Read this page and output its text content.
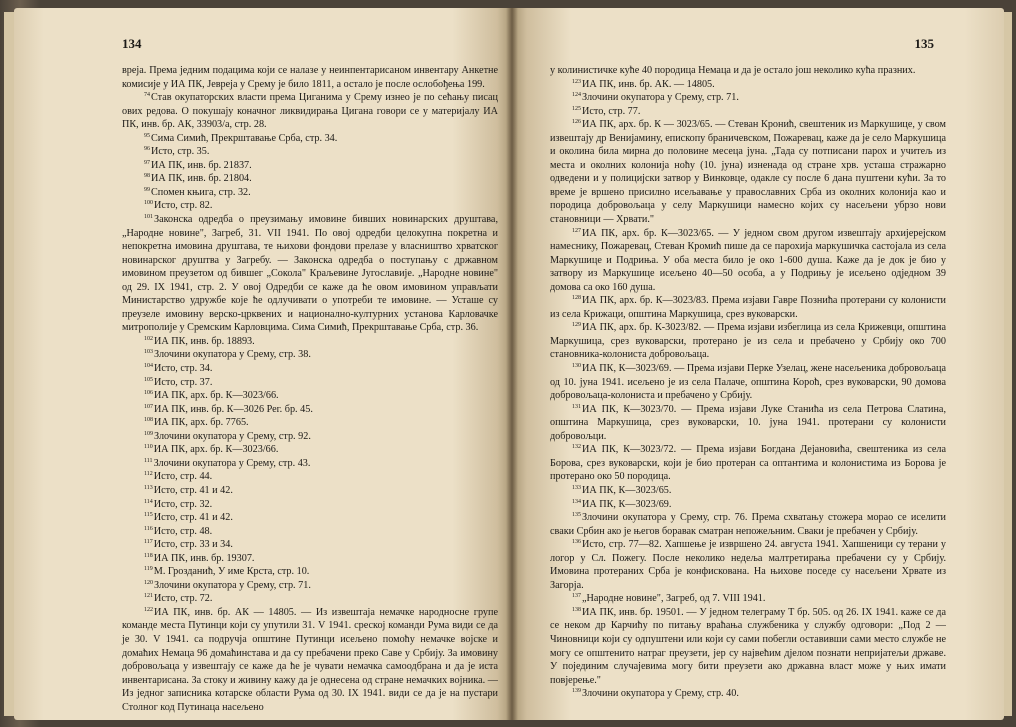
134

вреја. Према једним подацима који се налазе у неинпентарисаном инвентару Анкетне комисије у ИА ПК, Јевреја у Срему је било 1811, а остало је после ослобођења 199.

$^{74}$Став окупаторских власти према Циганима у Срему изнео је по сећању писац ових редова. О покушају коначног ликвидирања Цигана говори се у материјалу ИА ПК, инв. бр. АК, 33903/а, стр. 28.

$^{95}$Сима Симић, Прекрштавање Срба, стр. 34.

$^{96}$Исто, стр. 35.

$^{97}$ИА ПК, инв. бр. 21837.

$^{98}$ИА ПК, инв. бр. 21804.

$^{99}$Спомен књига, стр. 32.

$^{100}$Исто, стр. 82.

$^{101}$Законска одредба о преузимању имовине бивших новинарских друштава, „Народне новине", Загреб, 31. VII 1941. По овој одредби целокупна покретна и непокретна имовина друштава, те њихови фондови прелазе у власништво хрватског новинарског друштва у Загребу. — Законска одредба о поступању с државном имовином преузетом од бившег „Сокола" Краљевине Југославије. „Народне новине" од 29. IX 1941, стр. 2. У овој Одредби се каже да ће овом имовином управљати Министарство удружбе које ће одлучивати о употреби те имовине. — Усташе су преузеле имовину верско-црквених и национално-културних установа Карловачке митрополије у Сремским Карловцима. Сима Симић, Прекрштавање Срба, стр. 36.

$^{102}$ИА ПК, инв. бр. 18893.

$^{103}$Злочини окупатора у Срему, стр. 38.

$^{104}$Исто, стр. 34.

$^{105}$Исто, стр. 37.

$^{106}$ИА ПК, арх. бр. К—3023/66.

$^{107}$ИА ПК, инв. бр. К—3026 Рег. бр. 45.

$^{108}$ИА ПК, арх. бр. 7765.

$^{109}$Злочини окупатора у Срему, стр. 92.

$^{110}$ИА ПК, арх. бр. К—3023/66.

$^{111}$Злочини окупатора у Срему, стр. 43.

$^{112}$Исто, стр. 44.

$^{113}$Исто, стр. 41 и 42.

$^{114}$Исто, стр. 32.

$^{115}$Исто, стр. 41 и 42.

$^{116}$Исто, стр. 48.

$^{117}$Исто, стр. 33 и 34.

$^{118}$ИА ПК, инв. бр. 19307.

$^{119}$М. Грозданић, У име Крста, стр. 10.

$^{120}$Злочини окупатора у Срему, стр. 71.

$^{121}$Исто, стр. 72.

$^{122}$ИА ПК, инв. бр. АК — 14805. — Из извештаја немачке народносне групе команде места Путинци који су упутили 31. V 1941. среској команди Рума види се да је 30. V 1941. са подручја општине Путинци исељено помоћу немачке војске и домаћих Немаца 96 домаћинстава и да су пребачени преко Саве у Србију. За имовину добровољаца у извештају се каже да ће је чувати немачка самоодбрана и да је иста инвентарисана. За стоку и живину кажу да је однесена од стране немачких војника. — Из једног записника котарске области Рума од 30. IX 1941. види се да је на пустари Столног код Путинаца насељено

135

у колинистичке куће 40 породица Немаца и да је остало још неколико кућа празних.

$^{123}$ИА ПК, инв. бр. АК. — 14805.

$^{124}$Злочини окупатора у Срему, стр. 71.

$^{125}$Исто, стр. 77.

$^{126}$ИА ПК, арх. бр. К — 3023/65. — Стеван Кронић, свештеник из Маркушице, у свом извештају др Венијамину, епископу браничевском, Пожаревац, каже да је село Маркушица и околина била мирна до половине месеца јуна. „Тада су потписани парох и учитељ из места и околних колонија ноћу (10. јуна) изненада од стране хрв. усташа стражарно одведени и у полицијски затвор у Винковце, одакле су после 6 дана пуштени кући. За то време је вршено присилно исељавање у православних Срба из околних колонија као и породица добровољаца у селу Маркушици намесно којих су насељени убрзо нови становници — Хрвати."

$^{127}$ИА ПК, арх. бр. К—3023/65. — У једном свом другом извештају архијерејском намеснику, Пожаревац, Стеван Кромић пише да се парохија маркушичка састојала из села Маркушице и Подриња. У оба места било је око 1-600 душа. Каже да је док је био у затвору из Маркушице исељено 40—50 особа, а у Подрињу је исељено одједном 39 домова са око 160 душа.

$^{128}$ИА ПК, арх. бр. К—3023/83. Према изјави Гавре Познића протерани су колонисти из села Крижаци, општина Маркушица, срез вуковарски.

$^{129}$ИА ПК, арх. бр. К-3023/82. — Према изјави избеглица из села Крижевци, општина Маркушица, срез вуковарски, протерано је из села и пребачено у Србију око 700 становника-колониста добровољаца.

$^{130}$ИА ПК, К—3023/69. — Према изјави Перке Узелац, жене насељеника добровољаца од 10. јуна 1941. исељено је из села Палаче, општина Короћ, срез вуковарски, 90 домова добровољаца-колониста и пребачено у Србију.

$^{131}$ИА ПК, К—3023/70. — Према изјави Луке Станића из села Петрова Слатина, општина Маркушица, срез вуковарски, 10. јуна 1941. протерани су колонисти добровољци.

$^{132}$ИА ПК, К—3023/72. — Према изјави Богдана Дејановића, свештеника из села Борова, срез вуковарски, који је био протеран са оптантима и колонистима из Борова је протерано око 50 породица.

$^{133}$ИА ПК, К—3023/65.

$^{134}$ИА ПК, К—3023/69.

$^{135}$Злочини окупатора у Срему, стр. 76. Према схватању стожера морао се иселити сваки Србин ако је његов боравак сматран непожељним. Сваки је пребачен у Србију.

$^{136}$Исто, стр. 77—82. Хапшење је извршено 24. августа 1941. Хапшеници су терани у логор у Сл. Пожегу. После неколико недеља малтретирања пребачени су у Србију. Имовина протераних Срба је конфискована. На њихове поседе су насељени Хрвате из Загорја.

$^{137}$„Народне новине", Загреб, од 7. VIII 1941.

$^{138}$ИА ПК, инв. бр. 19501. — У једном телеграму Т бр. 505. од 26. IX 1941. каже се да се неком др Карчићу по питању враћања службеника у службу одговори: „Под 2 — Чиновници који су одпуштени или који су сами побегли оставивши сами место службе не могу се општенито натраг преузети, јер су највећим дјелом познати непријатељи државе. У појединим случајевима могу бити преузети ако државна власт може у њих имати повјерење."

$^{139}$Злочини окупатора у Срему, стр. 40.
